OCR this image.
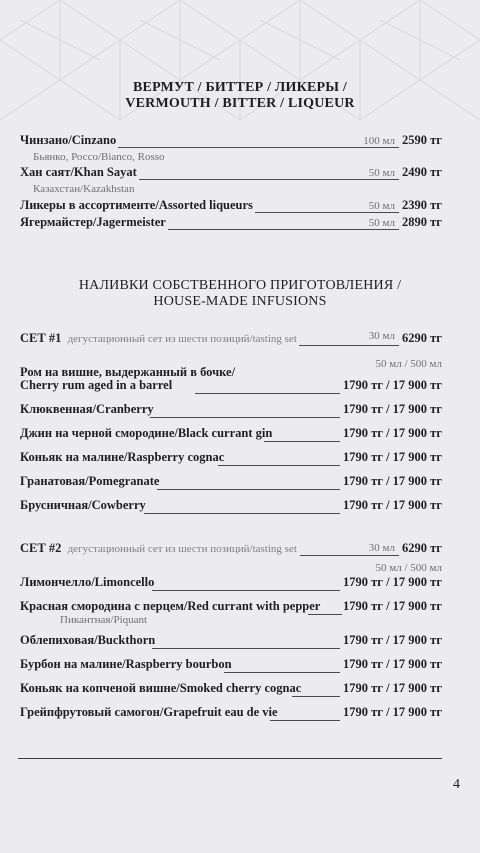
ВЕРМУТ / БИТТЕР / ЛИКЕРЫ /
VERMOUTH / BITTER / LIQUEUR
Чинзано/Cinzano	100 мл 2590 тг
Бьянко, Россо/Bianco, Rosso
Хан саят/Khan Sayat	50 мл 2490 тг
Казахстан/Kazakhstan
Ликеры в ассортименте/Assorted liqueurs	50 мл 2390 тг
Ягермайстер/Jagermeister	50 мл 2890 тг
НАЛИВКИ СОБСТВЕННОГО ПРИГОТОВЛЕНИЯ /
HOUSE-MADE INFUSIONS
СЕТ #1 дегустационный сет из шести позиций/tasting set	30 мл 6290 тг
50 мл / 500 мл
Ром на вишне, выдержанный в бочке/
Cherry rum aged in a barrel	1790 тг / 17 900 тг
Клюквенная/Cranberry	1790 тг / 17 900 тг
Джин на черной смородине/Black currant gin	1790 тг / 17 900 тг
Коньяк на малине/Raspberry cognac	1790 тг / 17 900 тг
Гранатовая/Pomegranate	1790 тг / 17 900 тг
Брусничная/Cowberry	1790 тг / 17 900 тг
СЕТ #2 дегустационный сет из шести позиций/tasting set	30 мл 6290 тг
50 мл / 500 мл
Лимончелло/Limoncello	1790 тг / 17 900 тг
Красная смородина с перцем/Red currant with pepper 1790 тг / 17 900 тг
Пикантная/Piquant
Облепиховая/Buckthorn	1790 тг / 17 900 тг
Бурбон на малине/Raspberry bourbon	1790 тг / 17 900 тг
Коньяк на копченой вишне/Smoked cherry cognac	1790 тг / 17 900 тг
Грейпфрутовый самогон/Grapefruit eau de vie	1790 тг / 17 900 тг
4
